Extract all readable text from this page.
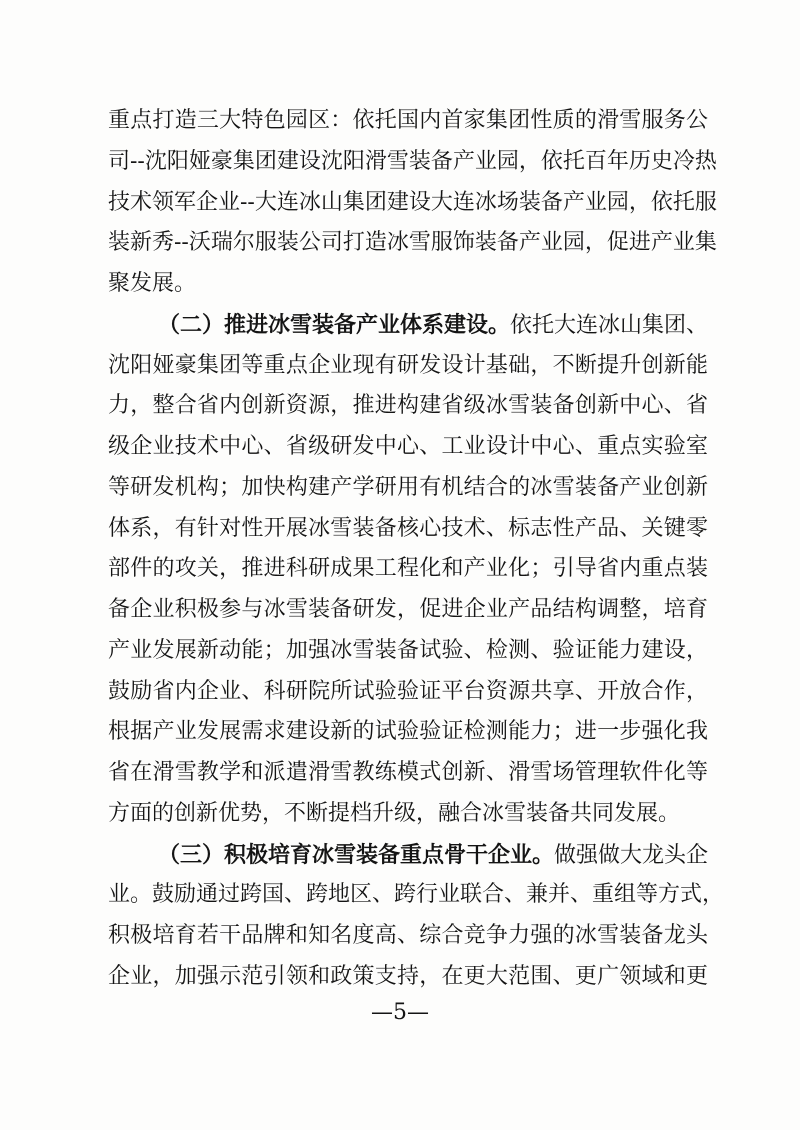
重点打造三大特色园区：依托国内首家集团性质的滑雪服务公
司--沈阳娅豪集团建设沈阳滑雪装备产业园，依托百年历史冷热
技术领军企业--大连冰山集团建设大连冰场装备产业园，依托服
装新秀--沃瑞尔服装公司打造冰雪服饰装备产业园，促进产业集
聚发展。
（二）推进冰雪装备产业体系建设。依托大连冰山集团、
沈阳娅豪集团等重点企业现有研发设计基础，不断提升创新能
力，整合省内创新资源，推进构建省级冰雪装备创新中心、省
级企业技术中心、省级研发中心、工业设计中心、重点实验室
等研发机构；加快构建产学研用有机结合的冰雪装备产业创新
体系，有针对性开展冰雪装备核心技术、标志性产品、关键零
部件的攻关，推进科研成果工程化和产业化；引导省内重点装
备企业积极参与冰雪装备研发，促进企业产品结构调整，培育
产业发展新动能；加强冰雪装备试验、检测、验证能力建设，
鼓励省内企业、科研院所试验验证平台资源共享、开放合作，
根据产业发展需求建设新的试验验证检测能力；进一步强化我
省在滑雪教学和派遣滑雪教练模式创新、滑雪场管理软件化等
方面的创新优势，不断提档升级，融合冰雪装备共同发展。
（三）积极培育冰雪装备重点骨干企业。做强做大龙头企
业。鼓励通过跨国、跨地区、跨行业联合、兼并、重组等方式，
积极培育若干品牌和知名度高、综合竞争力强的冰雪装备龙头
企业，加强示范引领和政策支持，在更大范围、更广领域和更
—5—
